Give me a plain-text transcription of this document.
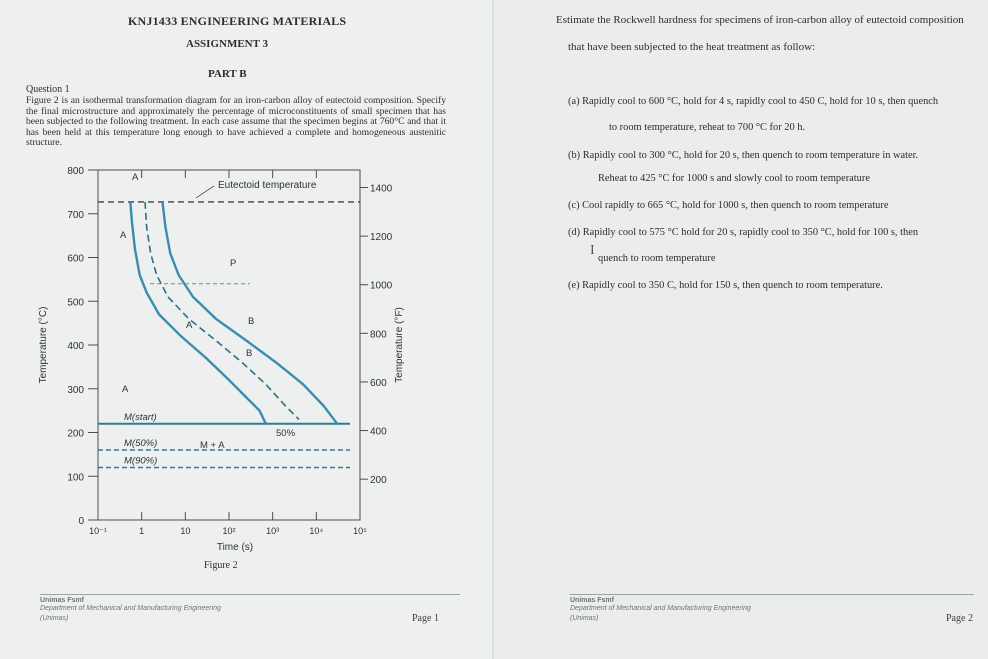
KNJ1433 ENGINEERING MATERIALS
ASSIGNMENT 3
PART B
Question 1
Figure 2 is an isothermal transformation diagram for an iron-carbon alloy of eutectoid composition. Specify the final microstructure and approximately the percentage of microconstituents of small specimen that has been subjected to the following treatment. In each case assume that the specimen begins at 760°C and that it has been held at this temperature long enough to have achieved a complete and homogeneous austenitic structure.
0
100
200
300
400
500
600
700
800
200
400
600
800
1000
1200
1400
10⁻¹	1	10	10²	10³	10⁴	10⁵
Time (s)
Temperature (°C)	Temperature (°F)
Eutectoid temperature
M(start)
M(50%)
M(90%)
A
A
P
B
A
B
A
M + A
50%
Figure 2
Unimas Fsmf
Department of Mechanical and Manufacturing Engineering
(Unimas)	Page 1
Estimate the Rockwell hardness for specimens of iron-carbon alloy of eutectoid composition
that have been subjected to the heat treatment as follow:
(a) Rapidly cool to 600 °C, hold for 4 s, rapidly cool to 450 C, hold for 10 s, then quench
to room temperature, reheat to 700 °C for 20 h.
(b) Rapidly cool to 300 °C, hold for 20 s, then quench to room temperature in water.
Reheat to 425 °C for 1000 s and slowly cool to room temperature
(c) Cool rapidly to 665 °C, hold for 1000 s, then quench to room temperature
(d) Rapidly cool to 575 °C hold for 20 s, rapidly cool to 350 °C, hold for 100 s, then
quench to room temperature
I
(e) Rapidly cool to 350 C, hold for 150 s, then quench to room temperature.
Unimas Fsmf
Department of Mechanical and Manufacturing Engineering
(Unimas)	Page 2
